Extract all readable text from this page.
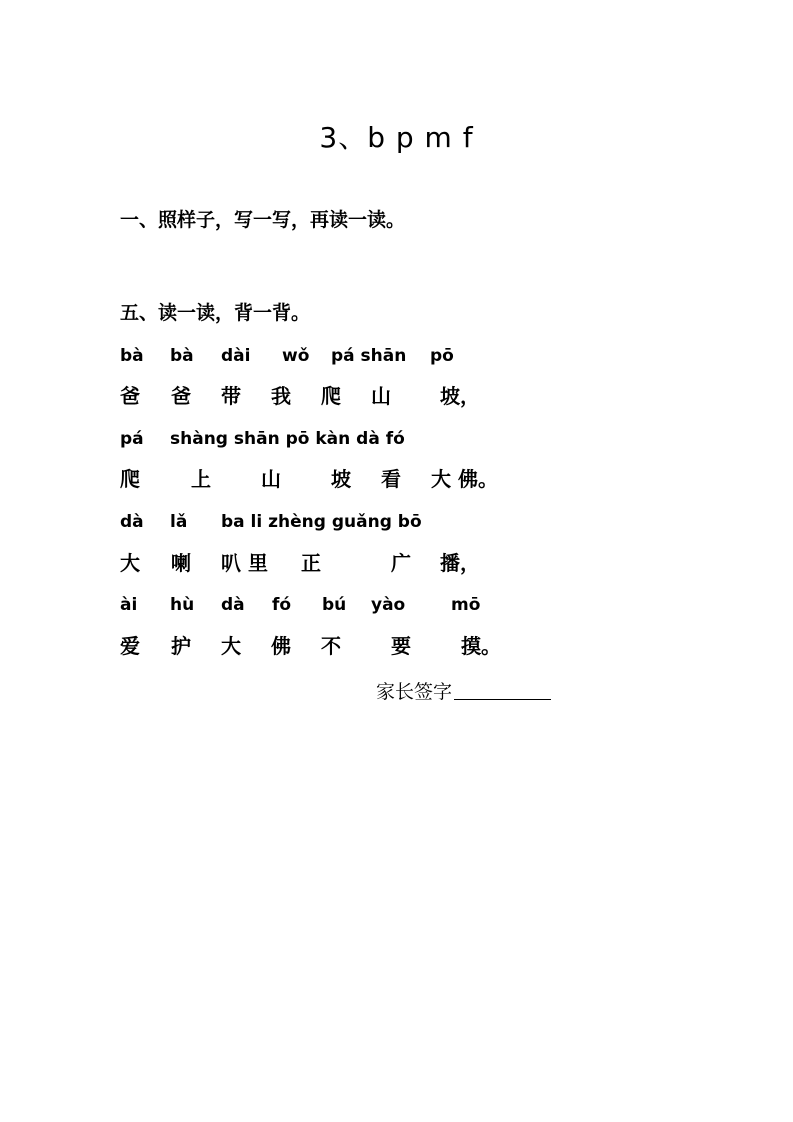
3、b p m f
一、照样子，写一写，再读一读。
五、读一读，背一背。
bà bà dài wǒ pá shān pō
爸 爸 带 我 爬 山 坡，
pá shàng shān pō kàn dà fó
爬	上	山	坡 看 大 佛。
dà lǎ ba li zhèng guǎng bō
大 喇 叭 里 正	广 播，
ài hù dà fó bú yào	mō
爱 护 大 佛 不	要	摸。
家长签字
